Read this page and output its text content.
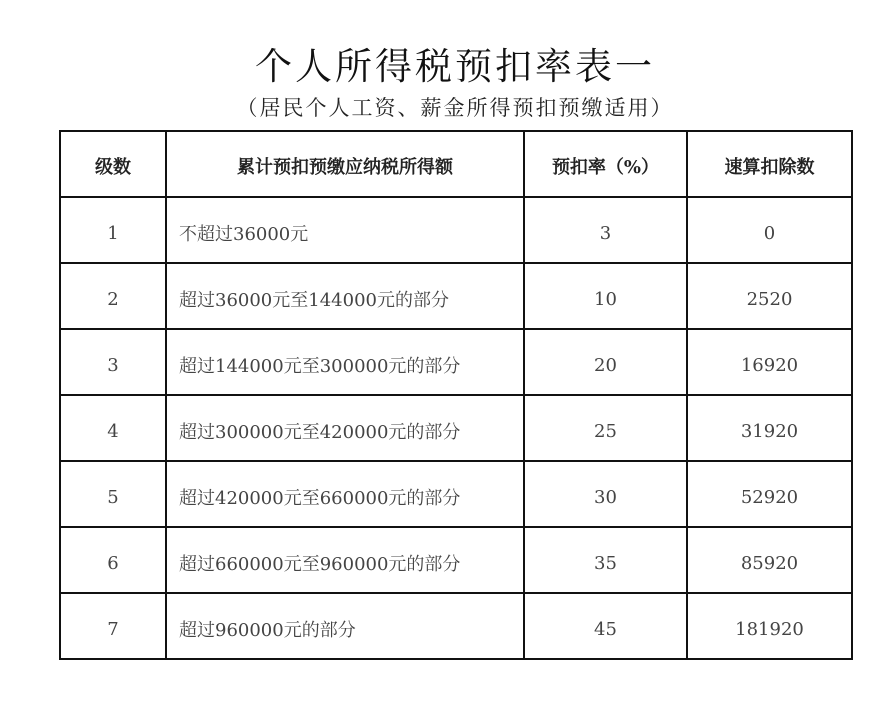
个人所得税预扣率表一
（居民个人工资、薪金所得预扣预缴适用）
级数	累计预扣预缴应纳税所得额	预扣率（%）	速算扣除数
1	不超过36000元	3	0
2	超过36000元至144000元的部分	10	2520
3	超过144000元至300000元的部分	20	16920
4	超过300000元至420000元的部分	25	31920
5	超过420000元至660000元的部分	30	52920
6	超过660000元至960000元的部分	35	85920
7	超过960000元的部分	45	181920
